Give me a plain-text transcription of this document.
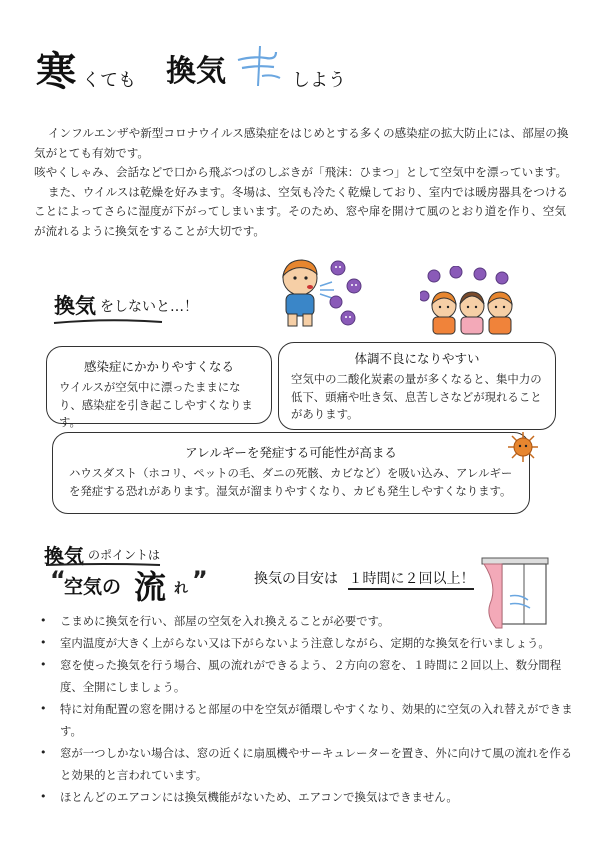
寒 くても 換気	しよう

インフルエンザや新型コロナウイルス感染症をはじめとする多くの感染症の拡大防止には、部屋の換気がとても有効です。

咳やくしゃみ、会話などで口から飛ぶつばのしぶきが「飛沫：ひまつ」として空気中を漂っています。

また、ウイルスは乾燥を好みます。冬場は、空気も冷たく乾燥しており、室内では暖房器具をつけることによってさらに湿度が下がってしまいます。そのため、窓や扉を開けて風のとおり道を作り、空気が流れるように換気をすることが大切です。

換気 をしないと…！
感染症にかかりやすくなる
ウイルスが空気中に漂ったままになり、感染症を引き起こしやすくなります。
体調不良になりやすい
空気中の二酸化炭素の量が多くなると、集中力の低下、頭痛や吐き気、息苦しさなどが現れることがあります。
アレルギーを発症する可能性が高まる
ハウスダスト（ホコリ、ペットの毛、ダニの死骸、カビなど）を吸い込み、アレルギーを発症する恐れがあります。湿気が溜まりやすくなり、カビも発生しやすくなります。
換気 のポイントは
“
空気の 流 れ ”	換気の目安は １時間に２回以上！
• こまめに換気を行い、部屋の空気を入れ換えることが必要です。
• 室内温度が大きく上がらない又は下がらないよう注意しながら、定期的な換気を行いましょう。
• 窓を使った換気を行う場合、風の流れができるよう、２方向の窓を、１時間に２回以上、数分間程度、全開にしましょう。
• 特に対角配置の窓を開けると部屋の中を空気が循環しやすくなり、効果的に空気の入れ替えができます。
• 窓が一つしかない場合は、窓の近くに扇風機やサーキュレーターを置き、外に向けて風の流れを作ると効果的と言われています。
• ほとんどのエアコンには換気機能がないため、エアコンで換気はできません。
